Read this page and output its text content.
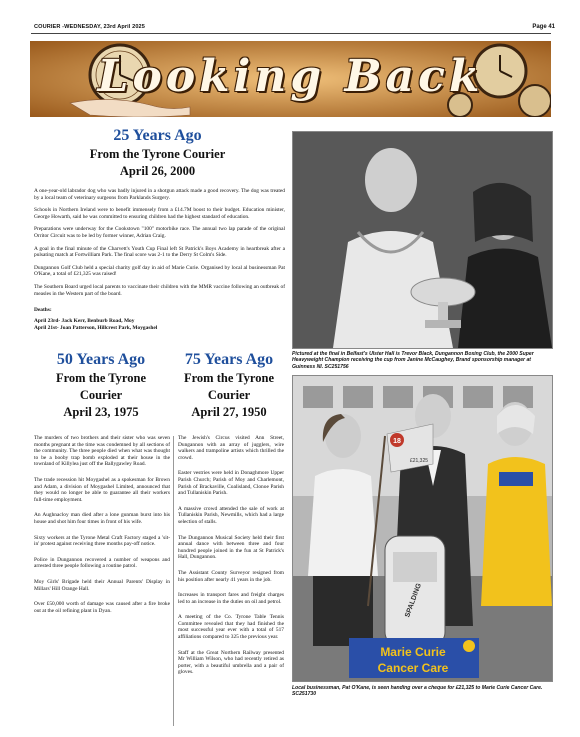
COURIER -WEDNESDAY, 23rd April 2025	Page 41
Looking Back
25 Years Ago
From the Tyrone Courier
April 26, 2000

A one-year-old labrador dog who was badly injured in a shotgun attack made a good recovery. The dog was treated by a local team of veterinary surgeons from Parklands Surgery.

Schools in Northern Ireland were to benefit immensely from a £14.7M boost to their budget. Education minister, George Howarth, said he was committed to ensuring children had the highest standard of education.

Preparations were underway for the Cookstown "100" motorbike race. The annual two lap parade of the original Orritor Circuit was to be led by former winner, Adrian Craig.

A goal in the final minute of the Charvett's Youth Cup Final left St Patrick's Boys Academy in heartbreak after a pulsating match at Fortwilliam Park. The final score was 2-1 to the Derry St Colm's Side.

Dungannon Golf Club held a special charity golf day in aid of Marie Curie. Organised by local al businessman Pat O'Kane, a total of £21,325 was raised!

The Southern Board urged local parents to vaccinate their children with the MMR vaccine following an outbreak of measles in the Western part of the board.

Deaths:
April 23rd- Jack Kerr, Benburb Road, Moy
April 21st- Joan Patterson, Hillcrest Park, Moygashel
Pictured at the final in Belfast's Ulster Hall is Trevor Black, Dungannon Boxing Club, the 2000 Super Heavyweight Champion receiving the cup from Janine McCaughey, Brand sponsorship manager at Guinness NI. SC251756
50 Years Ago
From the Tyrone
Courier
April 23, 1975

The murders of two brothers and their sister who was seven months pregnant at the time was condemned by all sections of the community. The three people died when what was thought to be a booby trap bomb exploded at their house in the townland of Killylea just off the Ballygawley Road.

The trade recession hit Moygashel as a spokesman for Brown and Adam, a division of Moygashel Limited, announced that they would no longer be able to guarantee all their workers full-time employment.

An Aughnacloy man died after a lone gunman burst into his house and shot him four times in front of his wife.

Sixty workers at the Tyrone Metal Craft Factory staged a 'sit-in' protest against receiving three months pay-off notice.

Police in Dungannon recovered a number of weapons and arrested three people following a routine patrol.

Moy Girls' Brigade held their Annual Parents' Display in Millars' Hill Orange Hall.

Over £50,000 worth of damage was caused after a fire broke out at the oil refining plant in Dyan.

75 Years Ago
From the Tyrone
Courier
April 27, 1950

The Jewish's Circus visited Ann Street, Dungannon with an array of jugglers, wire walkers and trampoline artists which thrilled the crowd.

Easter vestries were held in Donaghmore Upper Parish Church; Parish of Moy and Charlemont, Parish of Brackaville, Coalisland, Clonoe Parish and Tullaniskin Parish.

A massive crowd attended the sale of work at Tullaniskin Parish, Newmills, which had a large selection of stalls.

The Dungannon Musical Society held their first annual dance with between three and four hundred people joined in the fun at St Patrick's Hall, Dungannon.

The Assistant County Surveyor resigned from his position after nearly 41 years in the job.

Increases in transport fares and freight charges led to an increase in the duties on oil and petrol.

A meeting of the Co. Tyrone Table Tennis Committee revealed that they had finished the most successful year ever with a total of 517 affiliations compared to 325 the previous year.

Staff at the Great Northern Railway presented Mr William Wilson, who had recently retired as porter, with a beautiful umbrella and a pair of gloves.

18
£21,325
SPALDING
Marie Curie
Cancer Care
Local businessman, Pat O'Kane, is seen handing over a cheque for £21,325 to Marie Curie Cancer Care. SC251730
